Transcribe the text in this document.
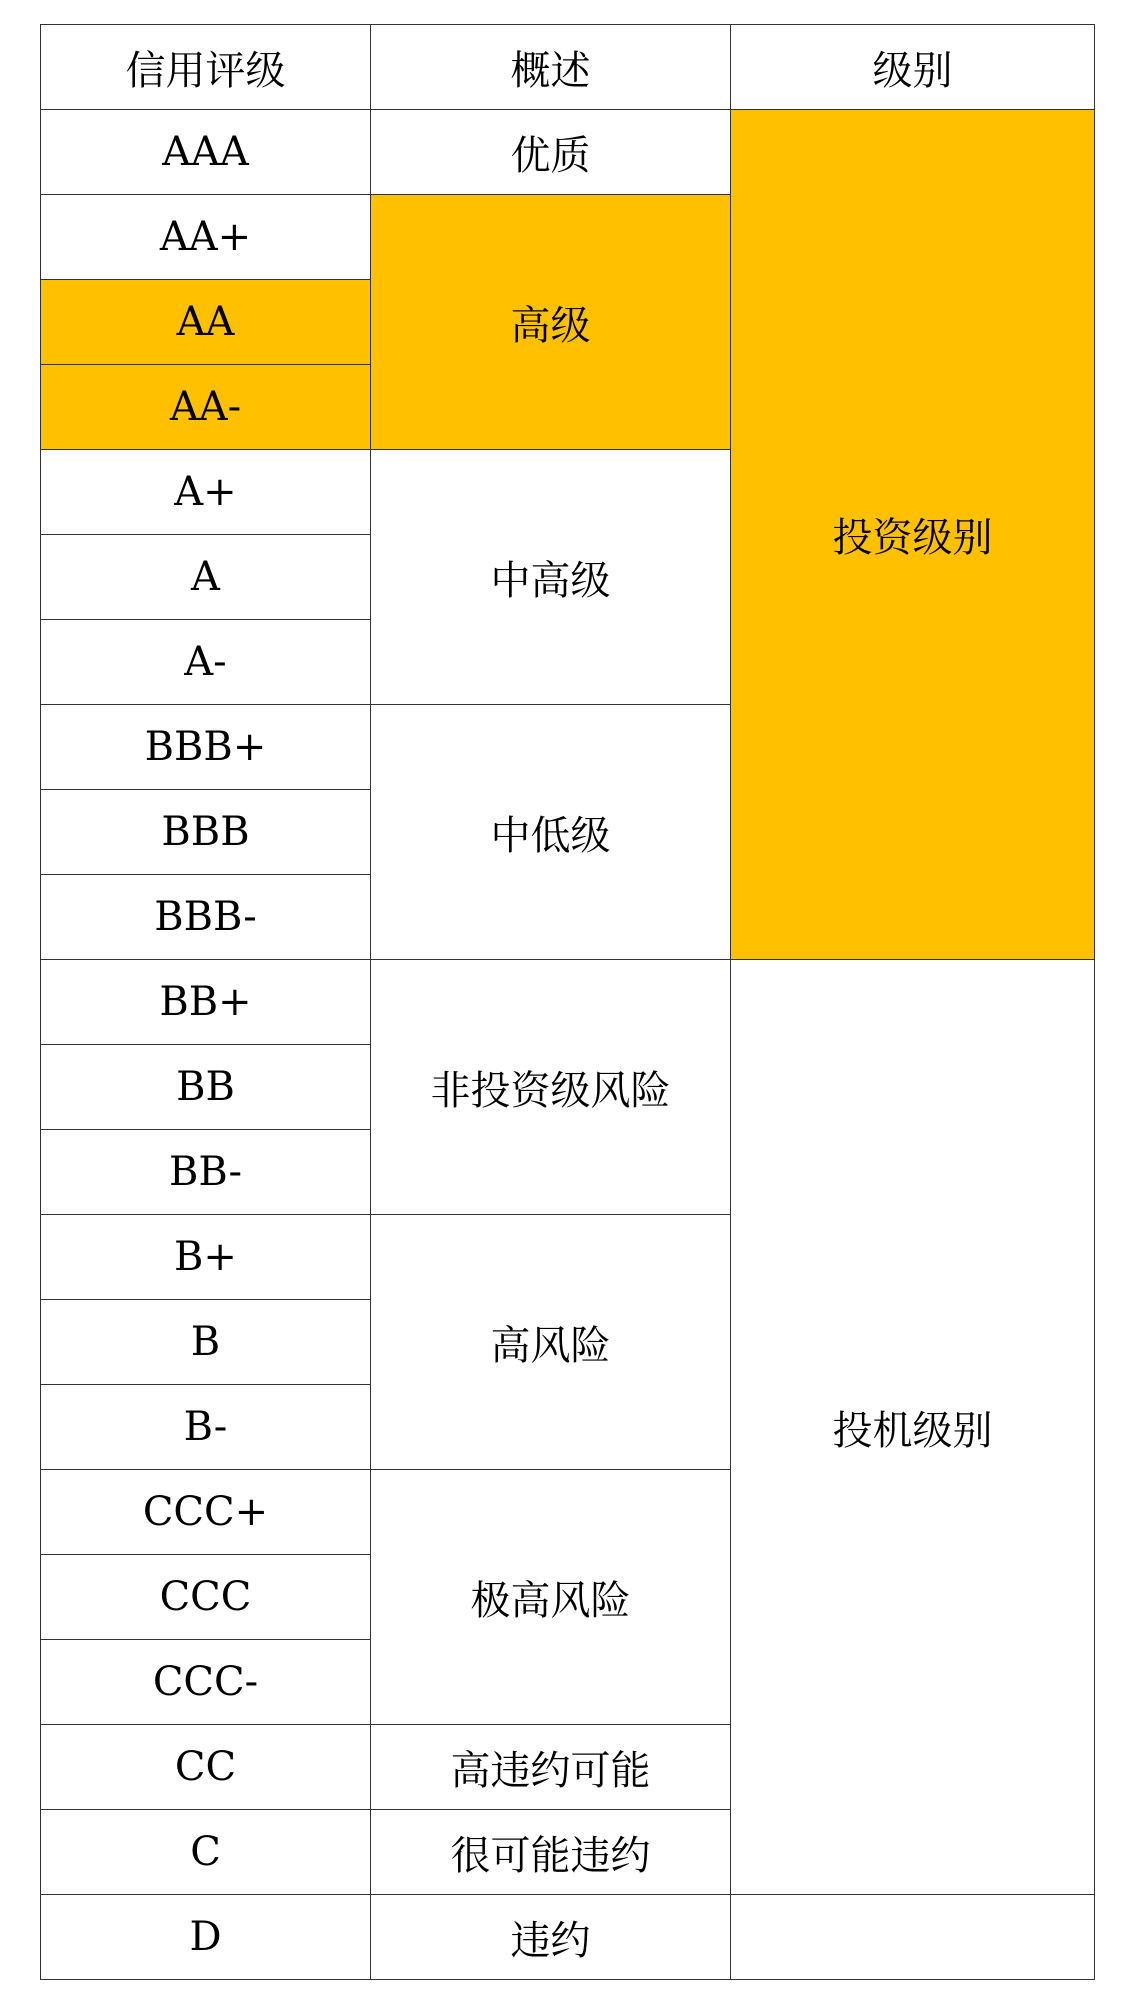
信用评级	概述	级别
AAA	优质	投资级别
AA+	高级	
AA		
AA-		
A+	中高级	
A		
A-		
BBB+	中低级	
BBB		
BBB-		
BB+	非投资级风险	投机级别
BB		
BB-		
B+	高风险	
B		
B-		
CCC+	极高风险	
CCC		
CCC-		
CC	高违约可能	
C	很可能违约	
D	违约	
